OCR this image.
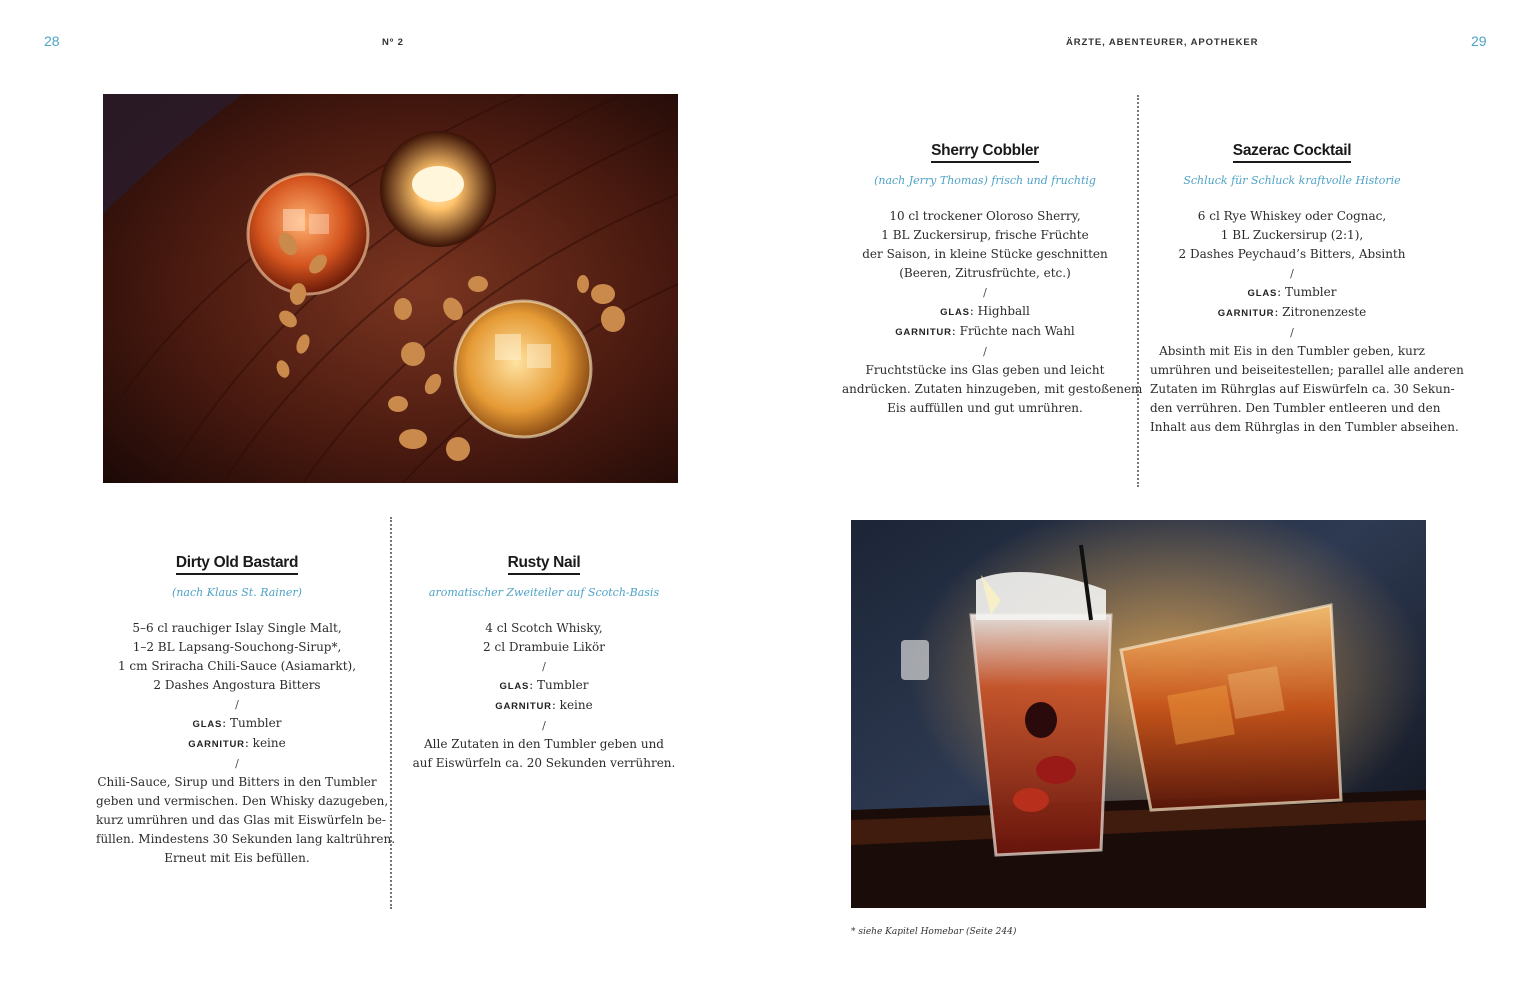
28	Nº 2	ÄRZTE, ABENTEURER, APOTHEKER	29
Sherry Cobbler
(nach Jerry Thomas) frisch und fruchtig
10 cl trockener Oloroso Sherry,
1 BL Zuckersirup, frische Früchte
der Saison, in kleine Stücke geschnitten
(Beeren, Zitrusfrüchte, etc.)
/
GLAS: Highball
GARNITUR: Früchte nach Wahl
/
Fruchtstücke ins Glas geben und leicht
andrücken. Zutaten hinzugeben, mit gestoßenem
Eis auffüllen und gut umrühren.
Sazerac Cocktail
Schluck für Schluck kraftvolle Historie
6 cl Rye Whiskey oder Cognac,
1 BL Zuckersirup (2:1),
2 Dashes Peychaud’s Bitters, Absinth
/
GLAS: Tumbler
GARNITUR: Zitronenzeste
/
Absinth mit Eis in den Tumbler geben, kurz
umrühren und beiseitestellen; parallel alle anderen
Zutaten im Rührglas auf Eiswürfeln ca. 30 Sekun-
den verrühren. Den Tumbler entleeren und den
Inhalt aus dem Rührglas in den Tumbler abseihen.
Dirty Old Bastard
(nach Klaus St. Rainer)
5–6 cl rauchiger Islay Single Malt,
1–2 BL Lapsang-Souchong-Sirup*,
1 cm Sriracha Chili-Sauce (Asiamarkt),
2 Dashes Angostura Bitters
/
GLAS: Tumbler
GARNITUR: keine
/
Chili-Sauce, Sirup und Bitters in den Tumbler
geben und vermischen. Den Whisky dazugeben,
kurz umrühren und das Glas mit Eiswürfeln be-
füllen. Mindestens 30 Sekunden lang kaltrühren.
Erneut mit Eis befüllen.
Rusty Nail
aromatischer Zweiteiler auf Scotch-Basis
4 cl Scotch Whisky,
2 cl Drambuie Likör
/
GLAS: Tumbler
GARNITUR: keine
/
Alle Zutaten in den Tumbler geben und
auf Eiswürfeln ca. 20 Sekunden verrühren.
* siehe Kapitel Homebar (Seite 244)
